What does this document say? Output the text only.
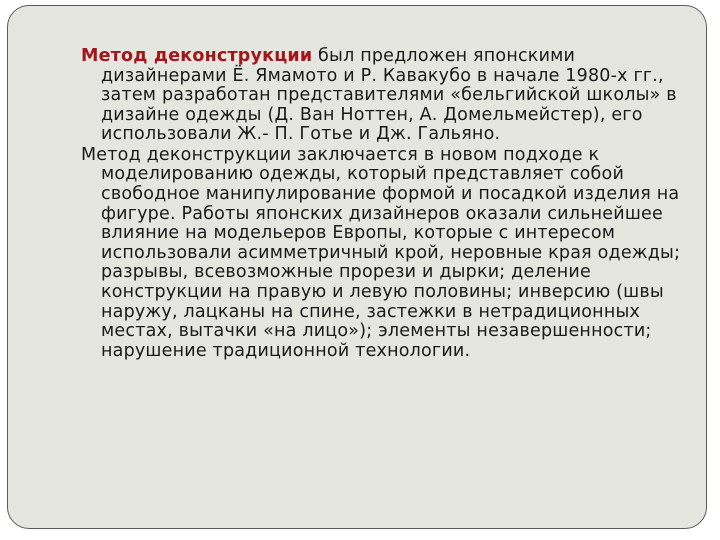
Метод деконструкции был предложен японскими дизайнерами Ё. Ямамото и Р. Кавакубо в начале 1980-х гг., затем разработан представителями «бельгийской школы» в дизайне одежды (Д. Ван Ноттен, А. Домельмейстер), его использовали Ж.- П. Готье и Дж. Гальяно.

Метод деконструкции заключается в новом подходе к моделированию одежды, который представляет собой свободное манипулирование формой и посадкой изделия на фигуре. Работы японских дизайнеров оказали сильнейшее влияние на модельеров Европы, которые с интересом использовали асимметричный крой, неровные края одежды; разрывы, всевозможные прорези и дырки; деление конструкции на правую и левую половины; инверсию (швы наружу, лацканы на спине, застежки в нетрадиционных местах, вытачки «на лицо»); элементы незавершенности; нарушение традиционной технологии.
